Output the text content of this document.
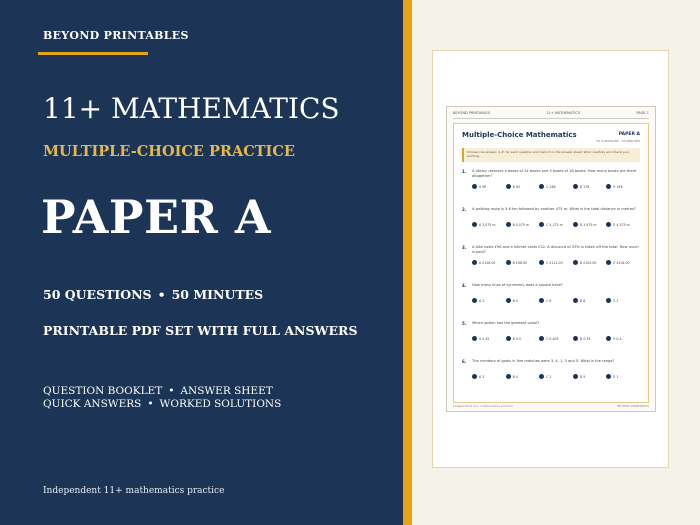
BEYOND PRINTABLES
11+ MATHEMATICS
MULTIPLE-CHOICE PRACTICE
PAPER A
50 QUESTIONS • 50 MINUTES
PRINTABLE PDF SET WITH FULL ANSWERS
QUESTION BOOKLET • ANSWER SHEET
QUICK ANSWERS • WORKED SOLUTIONS
Independent 11+ mathematics practice
BEYOND PRINTABLES	11+ MATHEMATICS	PAGE 1
Multiple-Choice Mathematics	PAPER A
50 QUESTIONS · 50 MINUTES
Choose one answer, A–E, for each question and mark it on the answer sheet. Work carefully and check your working.
1. A library receives 4 boxes of 24 books and 5 boxes of 18 books. How many books are there altogether?
A 96	B 90	C 186	D 176	E 196
2. A walking route is 3.6 km followed by another 475 m. What is the total distance in metres?
A 3,075 m	B 4,075 m	C 4,175 m	D 3,975 m	E 4,575 m
3. A bike costs £96 and a helmet costs £32. A discount of 25% is taken off the total. How much is paid?
A £128.00	B £96.00	C £112.00	D £100.00	E £104.00
4. How many lines of symmetry does a square have?
A 2	B 4	C 6	D 8	E 1
5. Which option has the greatest value?
A 0.45	B 0.5	C 0.405	D 0.39	E 0.4
6. The numbers of goals in five matches were 3, 4, 1, 3 and 5. What is the range?
A 3	B 4	C 2	D 5	E 1
Independent 11+ mathematics practice	BEYOND PRINTABLES
